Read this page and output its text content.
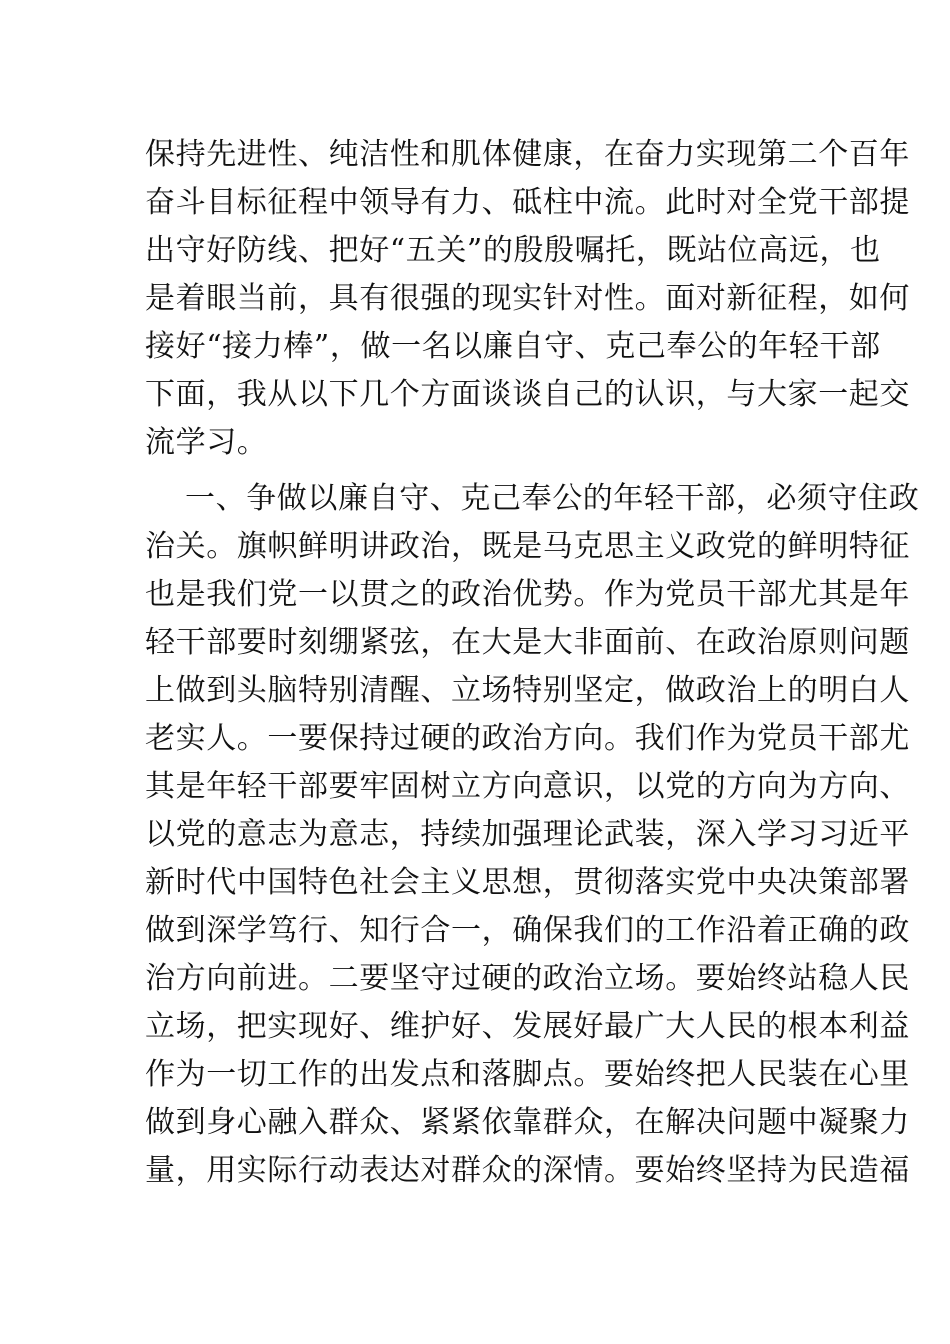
保持先进性、纯洁性和肌体健康，在奋力实现第二个百年
奋斗目标征程中领导有力、砥柱中流。此时对全党干部提
出守好防线、把好“五关”的殷殷嘱托，既站位高远，也
是着眼当前，具有很强的现实针对性。面对新征程，如何
接好“接力棒”，做一名以廉自守、克己奉公的年轻干部
下面，我从以下几个方面谈谈自己的认识，与大家一起交
流学习。
一、争做以廉自守、克己奉公的年轻干部，必须守住政
治关。旗帜鲜明讲政治，既是马克思主义政党的鲜明特征
也是我们党一以贯之的政治优势。作为党员干部尤其是年
轻干部要时刻绷紧弦，在大是大非面前、在政治原则问题
上做到头脑特别清醒、立场特别坚定，做政治上的明白人
老实人。一要保持过硬的政治方向。我们作为党员干部尤
其是年轻干部要牢固树立方向意识，以党的方向为方向、
以党的意志为意志，持续加强理论武装，深入学习习近平
新时代中国特色社会主义思想，贯彻落实党中央决策部署
做到深学笃行、知行合一，确保我们的工作沿着正确的政
治方向前进。二要坚守过硬的政治立场。要始终站稳人民
立场，把实现好、维护好、发展好最广大人民的根本利益
作为一切工作的出发点和落脚点。要始终把人民装在心里
做到身心融入群众、紧紧依靠群众，在解决问题中凝聚力
量，用实际行动表达对群众的深情。要始终坚持为民造福
